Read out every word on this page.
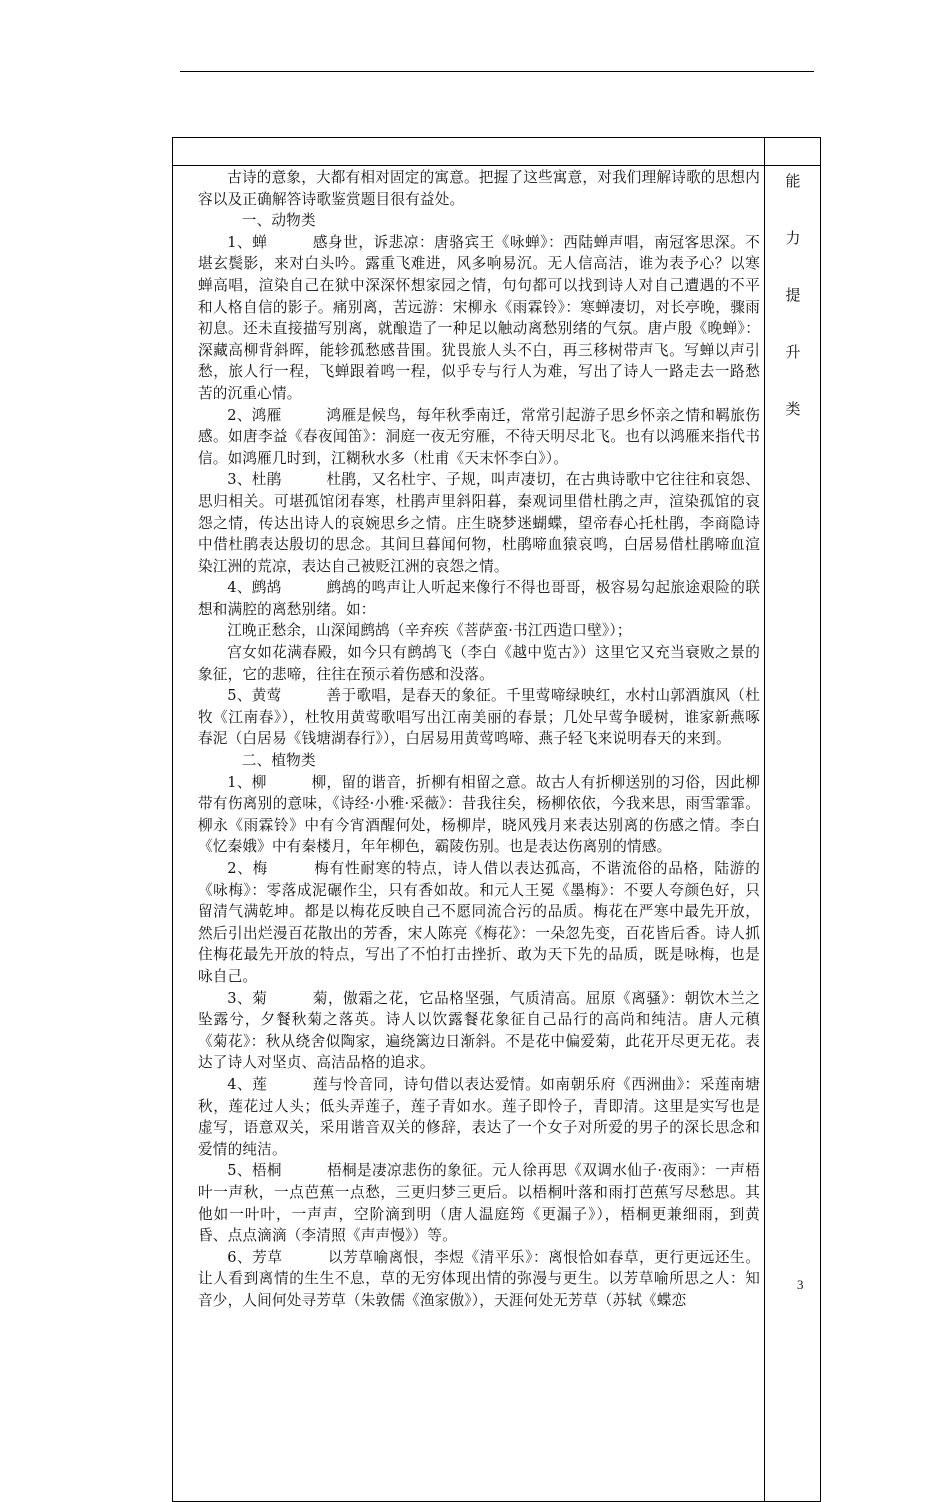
古诗的意象，大都有相对固定的寓意。把握了这些寓意，对我们理解诗歌的思想内容以及正确解答诗歌鉴赏题目很有益处。

一、动物类

1、蝉　　　感身世，诉悲凉：唐骆宾王《咏蝉》：西陆蝉声唱，南冠客思深。不堪玄鬓影，来对白头吟。露重飞难进，风多响易沉。无人信高洁，谁为表予心？以寒蝉高唱，渲染自己在狱中深深怀想家园之情，句句都可以找到诗人对自己遭遇的不平和人格自信的影子。痛别离，苦远游：宋柳永《雨霖铃》：寒蝉凄切，对长亭晚，骤雨初息。还未直接描写别离，就酿造了一种足以触动离愁别绪的气氛。唐卢殷《晚蝉》：深藏高柳背斜晖，能轸孤愁感昔围。犹畏旅人头不白，再三移树带声飞。写蝉以声引愁，旅人行一程，飞蝉跟着鸣一程，似乎专与行人为难，写出了诗人一路走去一路愁苦的沉重心情。

2、鸿雁　　　鸿雁是候鸟，每年秋季南迁，常常引起游子思乡怀亲之情和羁旅伤感。如唐李益《春夜闻笛》：洞庭一夜无穷雁，不待天明尽北飞。也有以鸿雁来指代书信。如鸿雁几时到，江糊秋水多（杜甫《天末怀李白》）。

3、杜鹃　　　杜鹃，又名杜宇、子规，叫声凄切，在古典诗歌中它往往和哀怨、思归相关。可堪孤馆闭春寒，杜鹃声里斜阳暮，秦观词里借杜鹃之声，渲染孤馆的哀怨之情，传达出诗人的哀婉思乡之情。庄生晓梦迷蝴蝶，望帝春心托杜鹃，李商隐诗中借杜鹃表达殷切的思念。其间旦暮闻何物，杜鹃啼血猿哀鸣，白居易借杜鹃啼血渲染江洲的荒凉，表达自己被贬江洲的哀怨之情。

4、鹧鸪　　　鹧鸪的鸣声让人听起来像行不得也哥哥，极容易勾起旅途艰险的联想和满腔的离愁别绪。如：

江晚正愁余，山深闻鹧鸪（辛弃疾《菩萨蛮·书江西造口壁》）；

宫女如花满春殿，如今只有鹧鸪飞（李白《越中览古》）这里它又充当衰败之景的象征，它的悲啼，往往在预示着伤感和没落。

5、黄莺　　　善于歌唱，是春天的象征。千里莺啼绿映红，水村山郭酒旗风（杜牧《江南春》），杜牧用黄莺歌唱写出江南美丽的春景；几处早莺争暖树，谁家新燕啄春泥（白居易《钱塘湖春行》），白居易用黄莺鸣啼、燕子轻飞来说明春天的来到。

二、植物类

1、柳　　　柳，留的谐音，折柳有相留之意。故古人有折柳送别的习俗，因此柳带有伤离别的意味，《诗经·小雅·采薇》：昔我往矣，杨柳依依，今我来思，雨雪霏霏。柳永《雨霖铃》中有今宵酒醒何处，杨柳岸，晓风残月来表达别离的伤感之情。李白《忆秦娥》中有秦楼月，年年柳色，霸陵伤别。也是表达伤离别的情感。

2、梅　　　梅有性耐寒的特点，诗人借以表达孤高，不谐流俗的品格，陆游的《咏梅》：零落成泥碾作尘，只有香如故。和元人王冕《墨梅》：不要人夸颜色好，只留清气满乾坤。都是以梅花反映自己不愿同流合污的品质。梅花在严寒中最先开放，然后引出烂漫百花散出的芳香，宋人陈亮《梅花》：一朵忽先变，百花皆后香。诗人抓住梅花最先开放的特点，写出了不怕打击挫折、敢为天下先的品质，既是咏梅，也是咏自己。

3、菊　　　菊，傲霜之花，它品格坚强，气质清高。屈原《离骚》：朝饮木兰之坠露兮，夕餐秋菊之落英。诗人以饮露餐花象征自己品行的高尚和纯洁。唐人元稹《菊花》：秋从绕舍似陶家，遍绕篱边日渐斜。不是花中偏爱菊，此花开尽更无花。表达了诗人对坚贞、高洁品格的追求。

4、莲　　　莲与怜音同，诗句借以表达爱情。如南朝乐府《西洲曲》：采莲南塘秋，莲花过人头；低头弄莲子，莲子青如水。莲子即怜子，青即清。这里是实写也是虚写，语意双关，采用谐音双关的修辞，表达了一个女子对所爱的男子的深长思念和爱情的纯洁。

5、梧桐　　　梧桐是凄凉悲伤的象征。元人徐再思《双调水仙子·夜雨》：一声梧叶一声秋，一点芭蕉一点愁，三更归梦三更后。以梧桐叶落和雨打芭蕉写尽愁思。其他如一叶叶，一声声，空阶滴到明（唐人温庭筠《更漏子》），梧桐更兼细雨，到黄昏、点点滴滴（李清照《声声慢》）等。

6、芳草　　　以芳草喻离恨，李煜《清平乐》：离恨恰如春草，更行更远还生。让人看到离情的生生不息，草的无穷体现出情的弥漫与更生。以芳草喻所思之人：知音少，人间何处寻芳草（朱敦儒《渔家傲》），天涯何处无芳草（苏轼《蝶恋

能
力
提
升
类
3
